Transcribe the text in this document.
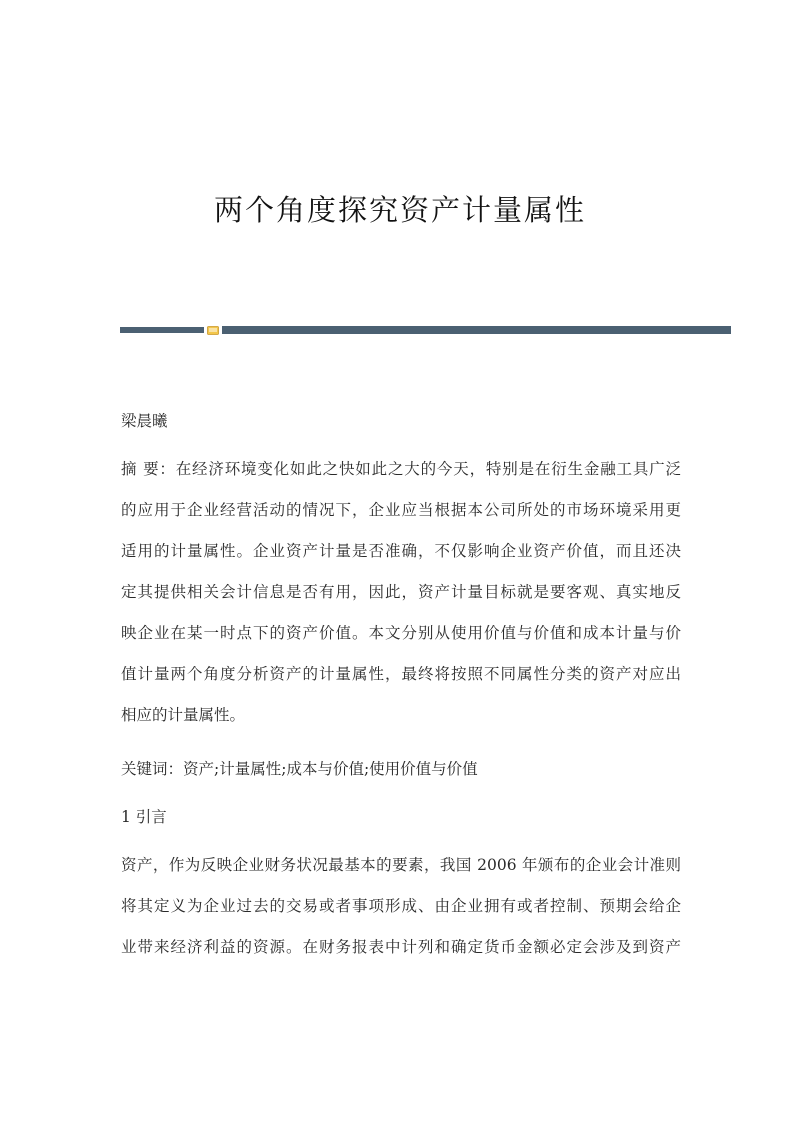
两个角度探究资产计量属性
梁晨曦

摘 要：在经济环境变化如此之快如此之大的今天，特别是在衍生金融工具广泛

的应用于企业经营活动的情况下，企业应当根据本公司所处的市场环境采用更

适用的计量属性。企业资产计量是否准确，不仅影响企业资产价值，而且还决

定其提供相关会计信息是否有用，因此，资产计量目标就是要客观、真实地反

映企业在某一时点下的资产价值。本文分别从使用价值与价值和成本计量与价

值计量两个角度分析资产的计量属性，最终将按照不同属性分类的资产对应出

相应的计量属性。

关键词：资产;计量属性;成本与价值;使用价值与价值
1 引言

资产，作为反映企业财务状况最基本的要素，我国 2006 年颁布的企业会计准则

将其定义为企业过去的交易或者事项形成、由企业拥有或者控制、预期会给企

业带来经济利益的资源。在财务报表中计列和确定货币金额必定会涉及到资产
